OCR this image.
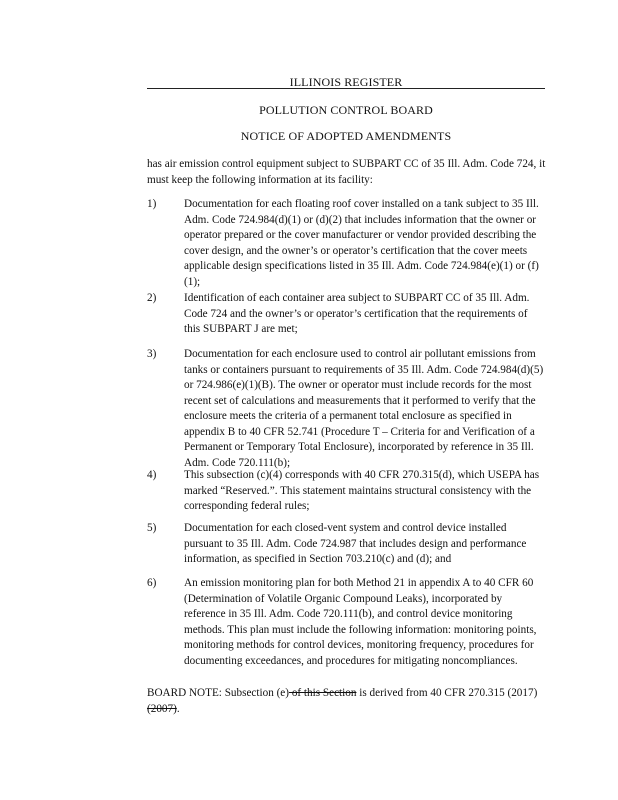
ILLINOIS REGISTER
POLLUTION CONTROL BOARD
NOTICE OF ADOPTED AMENDMENTS
has air emission control equipment subject to SUBPART CC of 35 Ill. Adm. Code 724, it must keep the following information at its facility:
1)	Documentation for each floating roof cover installed on a tank subject to 35 Ill. Adm. Code 724.984(d)(1) or (d)(2) that includes information that the owner or operator prepared or the cover manufacturer or vendor provided describing the cover design, and the owner’s or operator’s certification that the cover meets applicable design specifications listed in 35 Ill. Adm. Code 724.984(e)(1) or (f)(1);
2)	Identification of each container area subject to SUBPART CC of 35 Ill. Adm. Code 724 and the owner’s or operator’s certification that the requirements of this SUBPART J are met;
3)	Documentation for each enclosure used to control air pollutant emissions from tanks or containers pursuant to requirements of 35 Ill. Adm. Code 724.984(d)(5) or 724.986(e)(1)(B). The owner or operator must include records for the most recent set of calculations and measurements that it performed to verify that the enclosure meets the criteria of a permanent total enclosure as specified in appendix B to 40 CFR 52.741 (Procedure T – Criteria for and Verification of a Permanent or Temporary Total Enclosure), incorporated by reference in 35 Ill. Adm. Code 720.111(b);
4)	This subsection (c)(4) corresponds with 40 CFR 270.315(d), which USEPA has marked “Reserved.”. This statement maintains structural consistency with the corresponding federal rules;
5)	Documentation for each closed-vent system and control device installed pursuant to 35 Ill. Adm. Code 724.987 that includes design and performance information, as specified in Section 703.210(c) and (d); and
6)	An emission monitoring plan for both Method 21 in appendix A to 40 CFR 60 (Determination of Volatile Organic Compound Leaks), incorporated by reference in 35 Ill. Adm. Code 720.111(b), and control device monitoring methods. This plan must include the following information: monitoring points, monitoring methods for control devices, monitoring frequency, procedures for documenting exceedances, and procedures for mitigating noncompliances.
BOARD NOTE: Subsection (e) of this Section is derived from 40 CFR 270.315 (2017) (2007).
